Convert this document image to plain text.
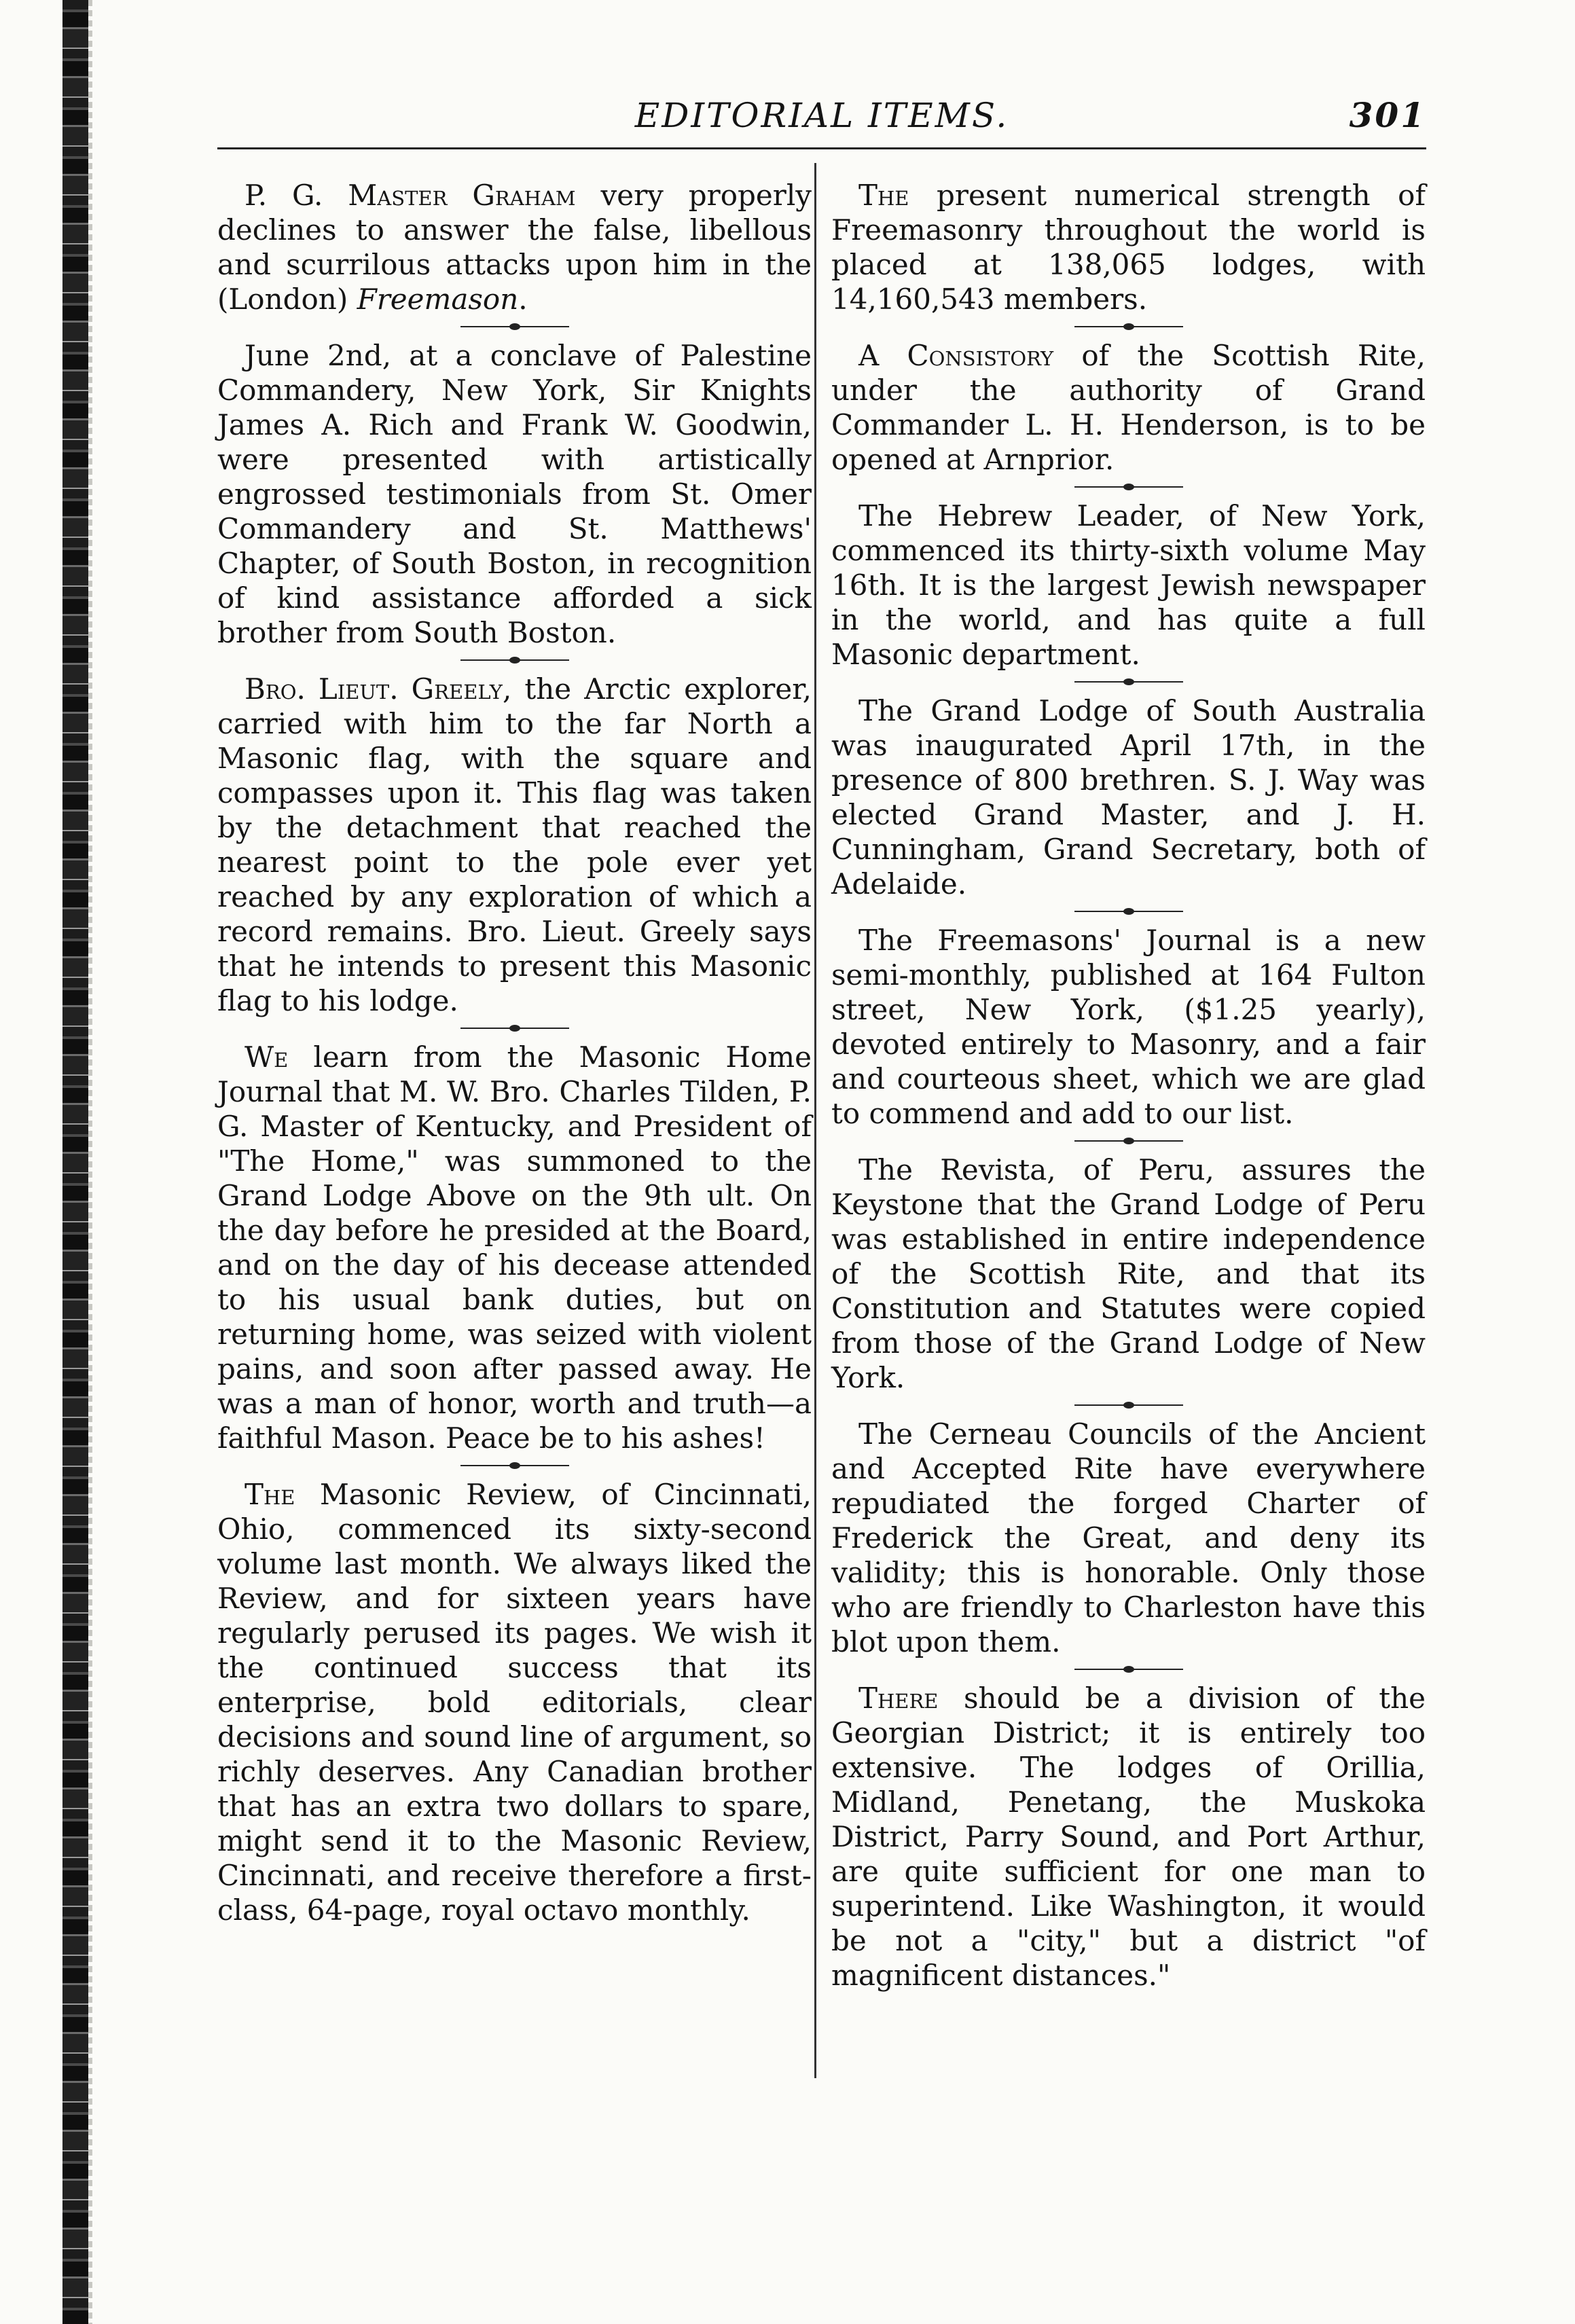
EDITORIAL ITEMS.	301

P. G. Master Graham very properly declines to answer the false, libellous and scurrilous attacks upon him in the (London) Freemason.

June 2nd, at a conclave of Palestine Commandery, New York, Sir Knights James A. Rich and Frank W. Goodwin, were presented with artistically engrossed testimonials from St. Omer Commandery and St. Matthews' Chapter, of South Boston, in recognition of kind assistance afforded a sick brother from South Boston.

Bro. Lieut. Greely, the Arctic explorer, carried with him to the far North a Masonic flag, with the square and compasses upon it. This flag was taken by the detachment that reached the nearest point to the pole ever yet reached by any exploration of which a record remains. Bro. Lieut. Greely says that he intends to present this Masonic flag to his lodge.

We learn from the Masonic Home Journal that M. W. Bro. Charles Tilden, P. G. Master of Kentucky, and President of "The Home," was summoned to the Grand Lodge Above on the 9th ult. On the day before he presided at the Board, and on the day of his decease attended to his usual bank duties, but on returning home, was seized with violent pains, and soon after passed away. He was a man of honor, worth and truth—a faithful Mason. Peace be to his ashes!

The Masonic Review, of Cincinnati, Ohio, commenced its sixty-second volume last month. We always liked the Review, and for sixteen years have regularly perused its pages. We wish it the continued success that its enterprise, bold editorials, clear decisions and sound line of argument, so richly deserves. Any Canadian brother that has an extra two dollars to spare, might send it to the Masonic Review, Cincinnati, and receive therefore a first-class, 64-page, royal octavo monthly.

The present numerical strength of Freemasonry throughout the world is placed at 138,065 lodges, with 14,160,543 members.

A Consistory of the Scottish Rite, under the authority of Grand Commander L. H. Henderson, is to be opened at Arnprior.

The Hebrew Leader, of New York, commenced its thirty-sixth volume May 16th. It is the largest Jewish newspaper in the world, and has quite a full Masonic department.

The Grand Lodge of South Australia was inaugurated April 17th, in the presence of 800 brethren. S. J. Way was elected Grand Master, and J. H. Cunningham, Grand Secretary, both of Adelaide.

The Freemasons' Journal is a new semi-monthly, published at 164 Fulton street, New York, ($1.25 yearly), devoted entirely to Masonry, and a fair and courteous sheet, which we are glad to commend and add to our list.

The Revista, of Peru, assures the Keystone that the Grand Lodge of Peru was established in entire independence of the Scottish Rite, and that its Constitution and Statutes were copied from those of the Grand Lodge of New York.

The Cerneau Councils of the Ancient and Accepted Rite have everywhere repudiated the forged Charter of Frederick the Great, and deny its validity; this is honorable. Only those who are friendly to Charleston have this blot upon them.

There should be a division of the Georgian District; it is entirely too extensive. The lodges of Orillia, Midland, Penetang, the Muskoka District, Parry Sound, and Port Arthur, are quite sufficient for one man to superintend. Like Washington, it would be not a "city," but a district "of magnificent distances."
